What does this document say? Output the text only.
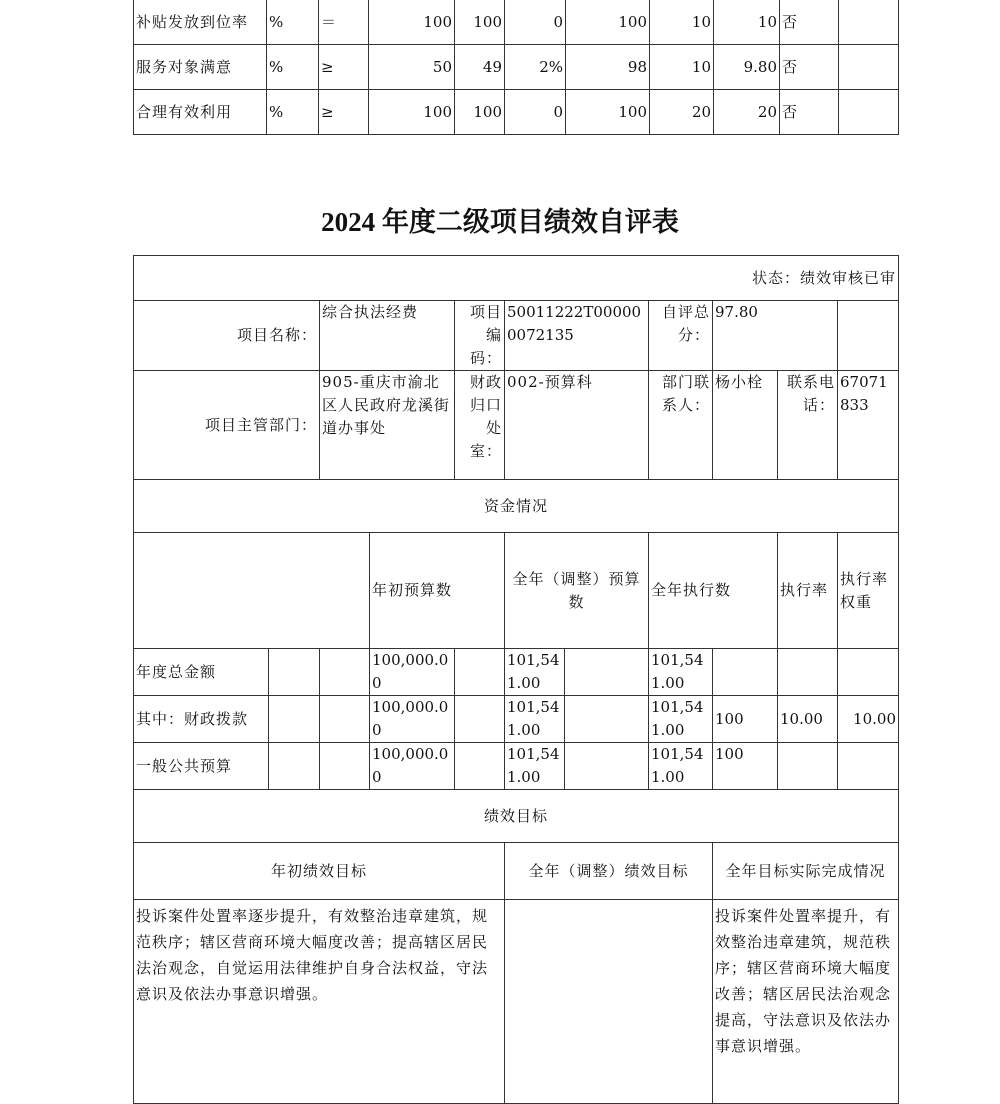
补贴发放到位率	%	＝	100	100	0	100	10	10	否	
服务对象满意	%	≥	50	49	2%	98	10	9.80	否	
合理有效利用	%	≥	100	100	0	100	20	20	否	
2024 年度二级项目绩效自评表
状态：绩效审核已审											
项目名称：		综合执法经费		项目编码：	50011222T000000072135		自评总分：	97.80			
项目主管部门：		905-重庆市渝北区人民政府龙溪街道办事处		财政归口处室：	002-预算科		部门联系人：	杨小栓	联系电话：	67071833	
资金情况											
			年初预算数		全年（调整）预算数		全年执行数		执行率	执行率权重	
年度总金额			100,000.00		101,541.00		101,541.00				
其中：财政拨款			100,000.00		101,541.00		101,541.00	100	10.00	10.00	
一般公共预算			100,000.00		101,541.00		101,541.00	100			
绩效目标											
年初绩效目标					全年（调整）绩效目标			全年目标实际完成情况			
投诉案件处置率逐步提升，有效整治违章建筑，规范秩序；辖区营商环境大幅度改善；提高辖区居民法治观念，自觉运用法律维护自身合法权益，守法意识及依法办事意识增强。								投诉案件处置率提升，有效整治违章建筑，规范秩序；辖区营商环境大幅度改善；辖区居民法治观念提高，守法意识及依法办事意识增强。			
